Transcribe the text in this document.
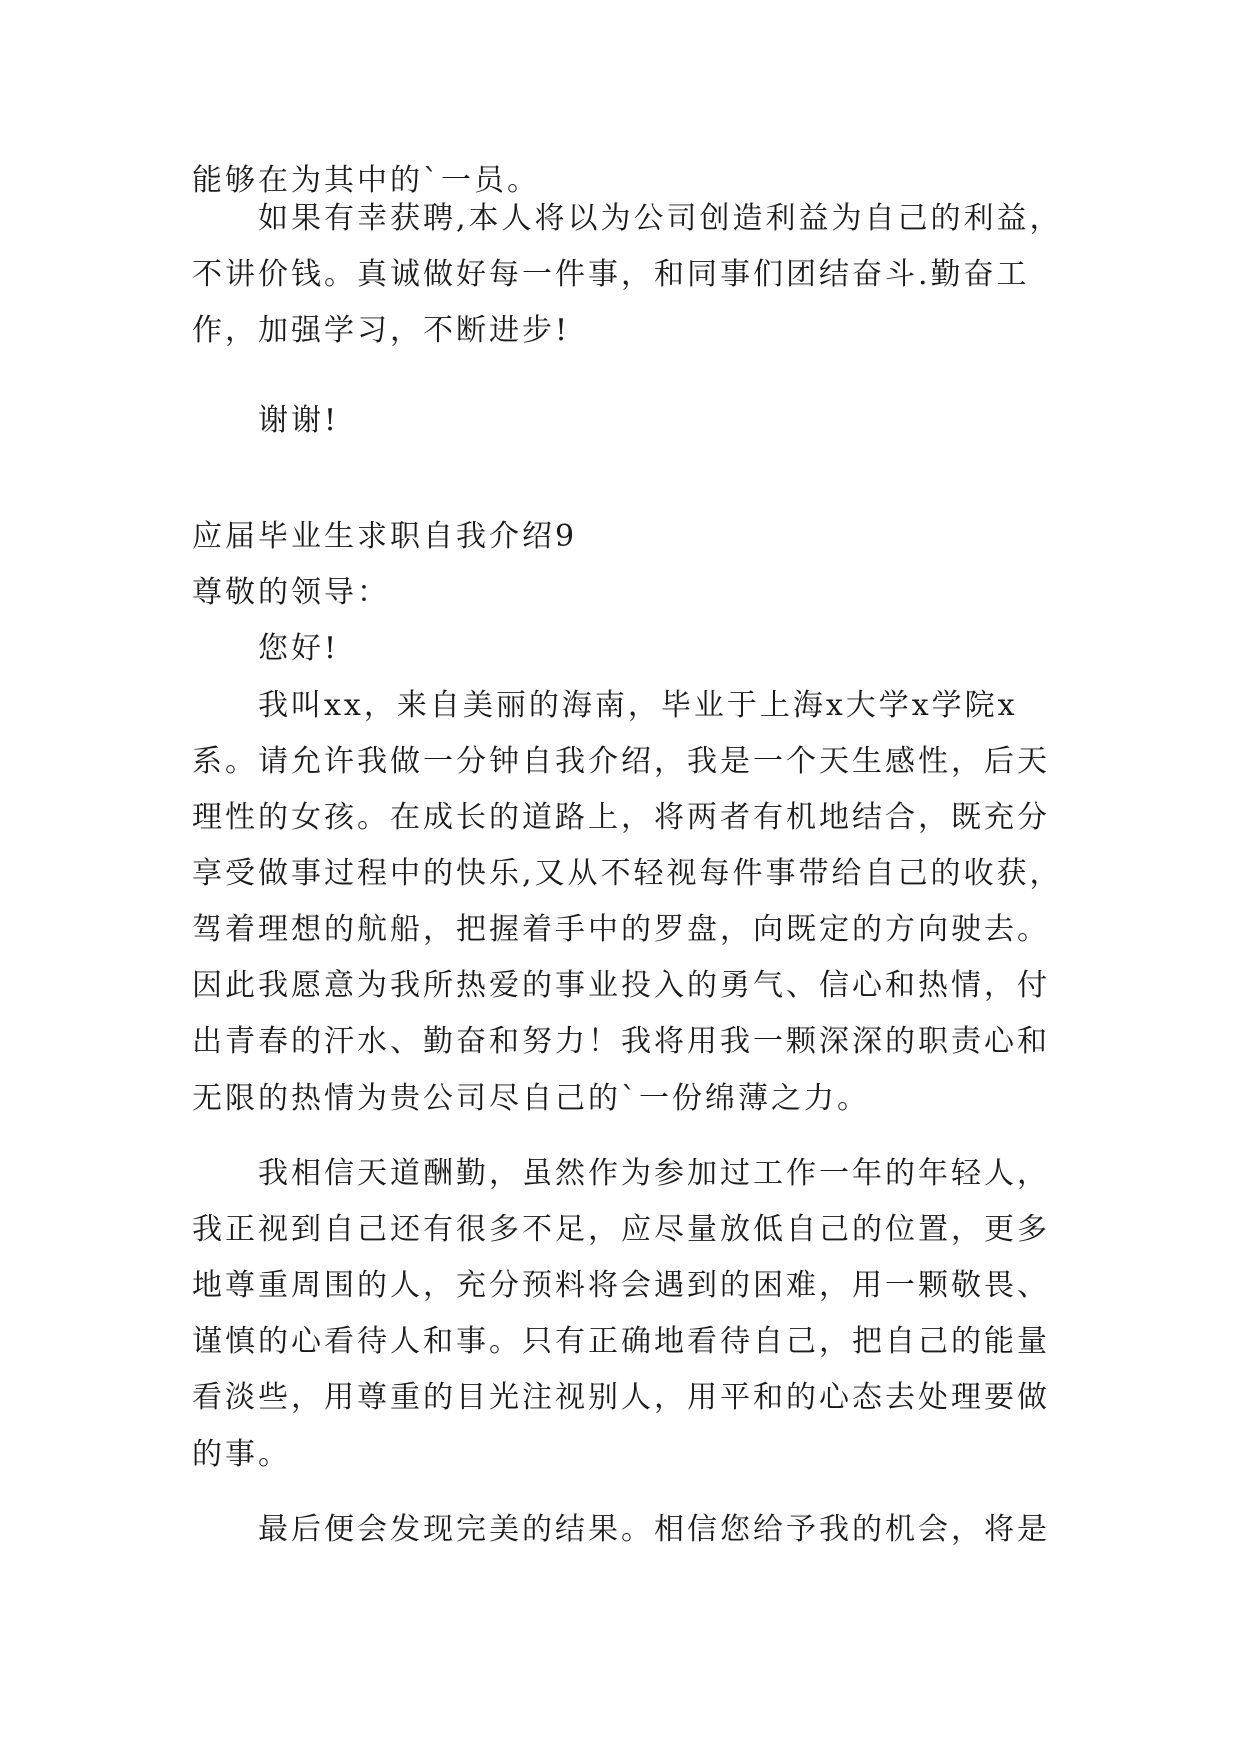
能够在为其中的`一员。

如果有幸获聘,本人将以为公司创造利益为自己的利益，

不讲价钱。真诚做好每一件事，和同事们团结奋斗.勤奋工

作，加强学习，不断进步!

谢谢!

应届毕业生求职自我介绍9

尊敬的领导：

您好!

我叫xx，来自美丽的海南，毕业于上海x大学x学院x

系。请允许我做一分钟自我介绍，我是一个天生感性，后天

理性的女孩。在成长的道路上，将两者有机地结合，既充分

享受做事过程中的快乐,又从不轻视每件事带给自己的收获，

驾着理想的航船，把握着手中的罗盘，向既定的方向驶去。

因此我愿意为我所热爱的事业投入的勇气、信心和热情，付

出青春的汗水、勤奋和努力！我将用我一颗深深的职责心和

无限的热情为贵公司尽自己的`一份绵薄之力。

我相信天道酬勤，虽然作为参加过工作一年的年轻人，

我正视到自己还有很多不足，应尽量放低自己的位置，更多

地尊重周围的人，充分预料将会遇到的困难，用一颗敬畏、

谨慎的心看待人和事。只有正确地看待自己，把自己的能量

看淡些，用尊重的目光注视别人，用平和的心态去处理要做

的事。

最后便会发现完美的结果。相信您给予我的机会，将是
